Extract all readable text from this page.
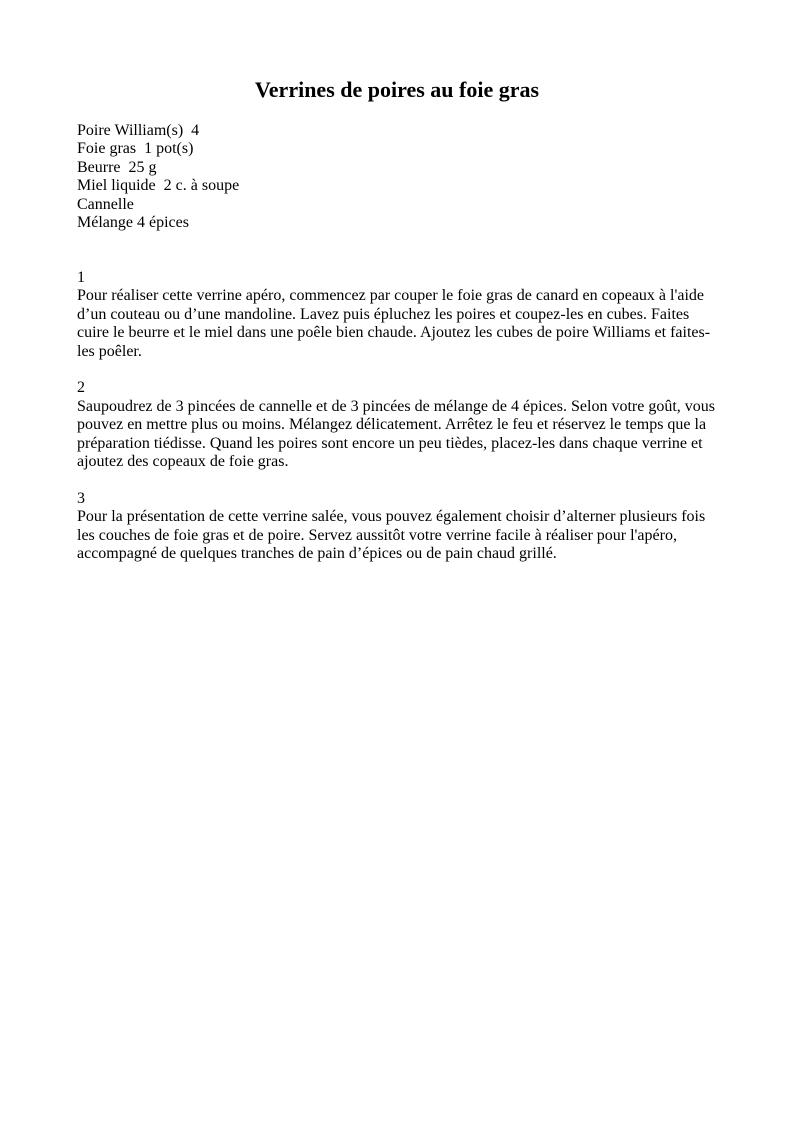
Verrines de poires au foie gras
Poire William(s)  4
Foie gras  1 pot(s)
Beurre  25 g
Miel liquide  2 c. à soupe
Cannelle
Mélange 4 épices
1
Pour réaliser cette verrine apéro, commencez par couper le foie gras de canard en copeaux à l'aide d’un couteau ou d’une mandoline. Lavez puis épluchez les poires et coupez-les en cubes. Faites cuire le beurre et le miel dans une poêle bien chaude. Ajoutez les cubes de poire Williams et faites-les poêler.
2
Saupoudrez de 3 pincées de cannelle et de 3 pincées de mélange de 4 épices. Selon votre goût, vous pouvez en mettre plus ou moins. Mélangez délicatement. Arrêtez le feu et réservez le temps que la préparation tiédisse. Quand les poires sont encore un peu tièdes, placez-les dans chaque verrine et ajoutez des copeaux de foie gras.
3
Pour la présentation de cette verrine salée, vous pouvez également choisir d’alterner plusieurs fois les couches de foie gras et de poire. Servez aussitôt votre verrine facile à réaliser pour l'apéro, accompagné de quelques tranches de pain d’épices ou de pain chaud grillé.
